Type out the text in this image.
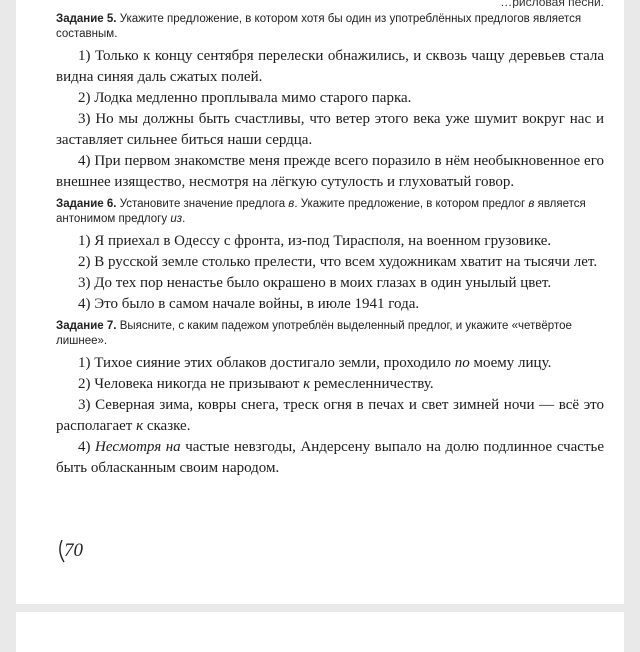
…рисловая песни.
Задание 5. Укажите предложение, в котором хотя бы один из употреблённых предлогов является составным.

1) Только к концу сентября перелески обнажились, и сквозь чащу деревьев стала видна синяя даль сжатых полей.

2) Лодка медленно проплывала мимо старого парка.

3) Но мы должны быть счастливы, что ветер этого века уже шумит вокруг нас и заставляет сильнее биться наши сердца.

4) При первом знакомстве меня прежде всего поразило в нём необыкновенное его внешнее изящество, несмотря на лёгкую сутулость и глуховатый говор.

Задание 6. Установите значение предлога в. Укажите предложение, в котором предлог в является антонимом предлогу из.

1) Я приехал в Одессу с фронта, из-под Тирасполя, на военном грузовике.

2) В русской земле столько прелести, что всем художникам хватит на тысячи лет.

3) До тех пор ненастье было окрашено в моих глазах в один унылый цвет.

4) Это было в самом начале войны, в июле 1941 года.

Задание 7. Выясните, с каким падежом употреблён выделенный предлог, и укажите «четвёртое лишнее».

1) Тихое сияние этих облаков достигало земли, проходило по моему лицу.

2) Человека никогда не призывают к ремесленничеству.

3) Северная зима, ковры снега, треск огня в печах и свет зимней ночи — всё это располагает к сказке.

4) Несмотря на частые невзгоды, Андерсену выпало на долю подлинное счастье быть обласканным своим народом.

70
